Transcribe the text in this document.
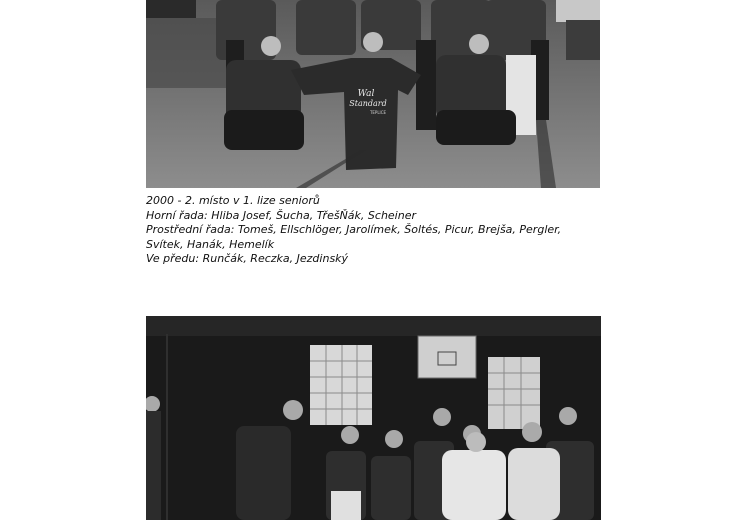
Wal
Standard
TEPLICE
2000 - 2. místo v 1. lize seniorů
Horní řada: Hliba Josef, Šucha, TřešŇák, Scheiner
Prostřední řada: Tomeš, Ellschlöger, Jarolímek, Šoltés, Picur, Brejša, Pergler,
Svítek, Hanák, Hemelík
Ve předu: Runčák, Reczka, Jezdinský
